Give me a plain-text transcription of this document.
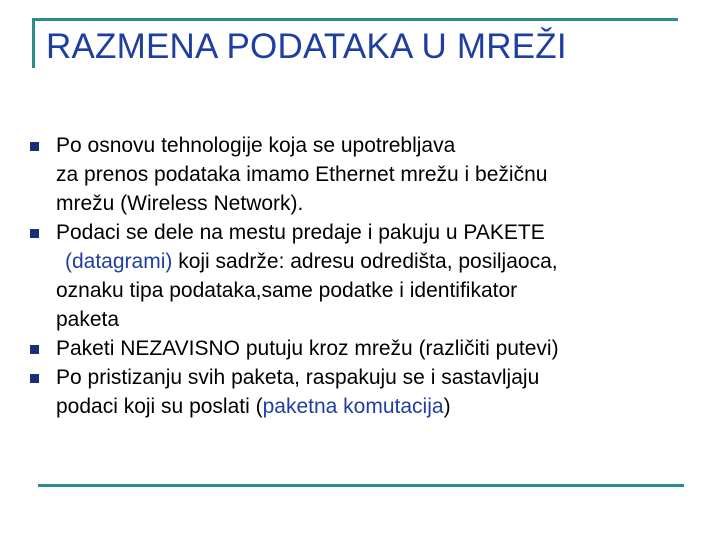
RAZMENA PODATAKA U MREŽI
Po osnovu tehnologije koja se upotrebljava
za prenos podataka imamo Ethernet mrežu i bežičnu
mrežu (Wireless Network).
Podaci se dele na mestu predaje i pakuju u PAKETE
(datagrami) koji sadrže: adresu odredišta, posiljaoca,
oznaku tipa podataka,same podatke i identifikator
paketa
Paketi NEZAVISNO putuju kroz mrežu (različiti putevi)
Po pristizanju svih paketa, raspakuju se i sastavljaju
podaci koji su poslati (paketna komutacija)
